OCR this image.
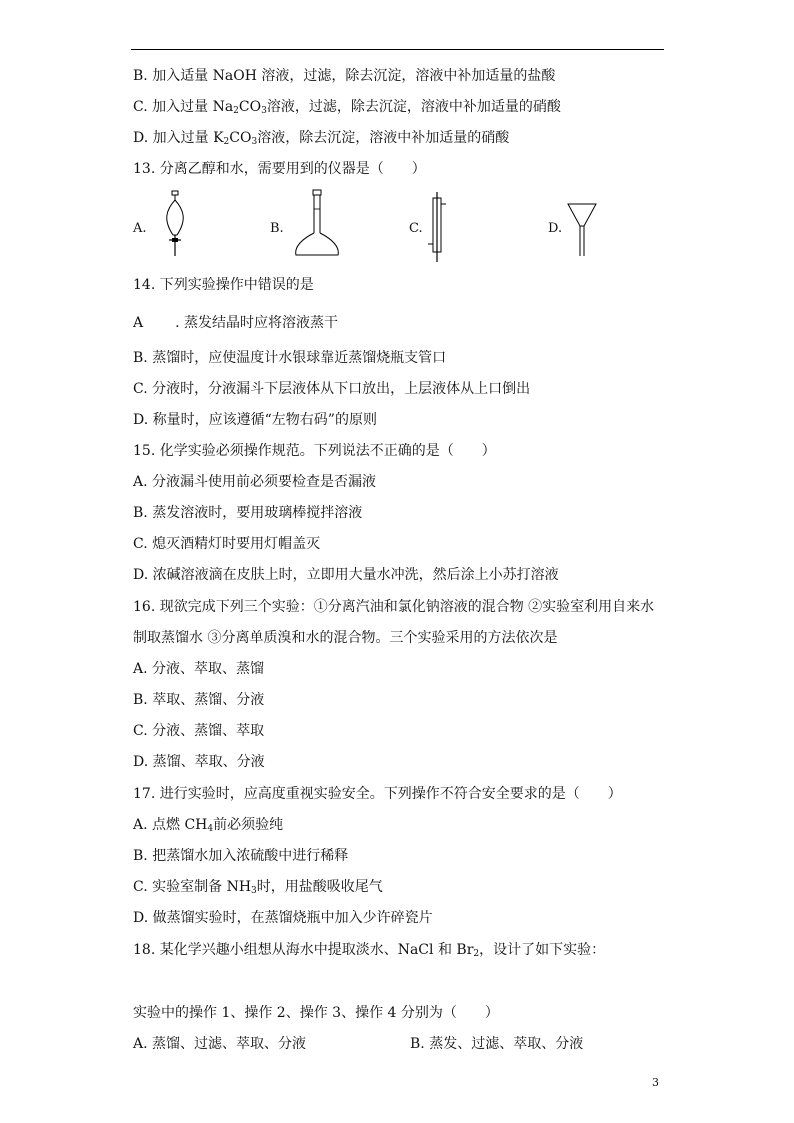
B. 加入适量 NaOH 溶液，过滤，除去沉淀，溶液中补加适量的盐酸
C. 加入过量 $Na_2CO_3$溶液，过滤，除去沉淀，溶液中补加适量的硝酸
D. 加入过量 $K_2CO_3$溶液，除去沉淀，溶液中补加适量的硝酸
13. 分离乙醇和水，需要用到的仪器是（　　）
A.	B.	C.	D.
14. 下列实验操作中错误的是
A . 蒸发结晶时应将溶液蒸干
B. 蒸馏时，应使温度计水银球靠近蒸馏烧瓶支管口
C. 分液时，分液漏斗下层液体从下口放出，上层液体从上口倒出
D. 称量时，应该遵循“左物右码”的原则
15. 化学实验必须操作规范。下列说法不正确的是（　　）
A. 分液漏斗使用前必须要检查是否漏液
B. 蒸发溶液时，要用玻璃棒搅拌溶液
C. 熄灭酒精灯时要用灯帽盖灭
D. 浓碱溶液滴在皮肤上时，立即用大量水冲洗，然后涂上小苏打溶液
16. 现欲完成下列三个实验：①分离汽油和氯化钠溶液的混合物 ②实验室利用自来水
制取蒸馏水 ③分离单质溴和水的混合物。三个实验采用的方法依次是
A. 分液、萃取、蒸馏
B. 萃取、蒸馏、分液
C. 分液、蒸馏、萃取
D. 蒸馏、萃取、分液
17. 进行实验时，应高度重视实验安全。下列操作不符合安全要求的是（　　）
A. 点燃 $CH_4$前必须验纯
B. 把蒸馏水加入浓硫酸中进行稀释
C. 实验室制备 $NH_3$时，用盐酸吸收尾气
D. 做蒸馏实验时，在蒸馏烧瓶中加入少许碎瓷片
18. 某化学兴趣小组想从海水中提取淡水、NaCl 和 $Br_2$，设计了如下实验：
实验中的操作 1、操作 2、操作 3、操作 4 分别为（　　）
A. 蒸馏、过滤、萃取、分液	B. 蒸发、过滤、萃取、分液
3
